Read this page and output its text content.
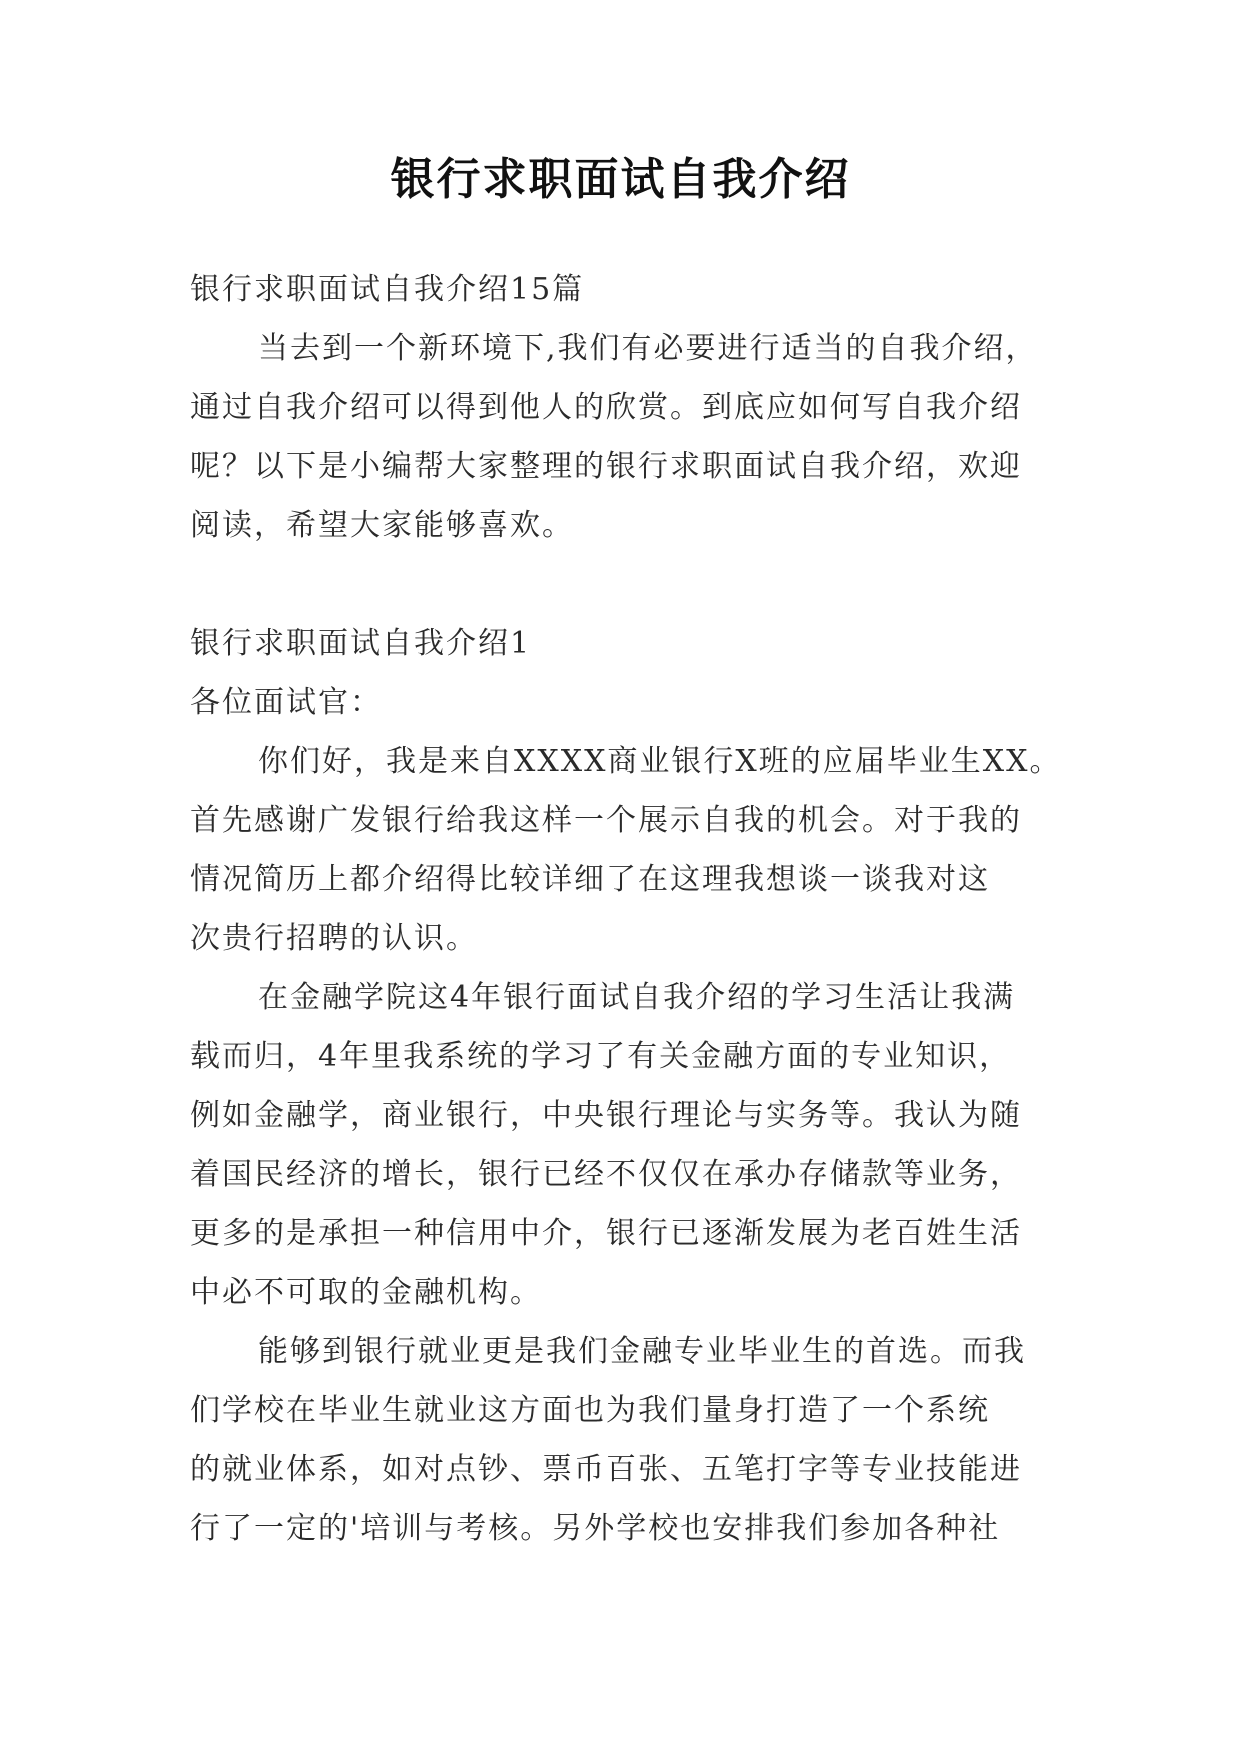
银行求职面试自我介绍
银行求职面试自我介绍15篇
当去到一个新环境下,我们有必要进行适当的自我介绍，
通过自我介绍可以得到他人的欣赏。到底应如何写自我介绍
呢？以下是小编帮大家整理的银行求职面试自我介绍，欢迎
阅读，希望大家能够喜欢。
银行求职面试自我介绍1
各位面试官：
你们好，我是来自XXXX商业银行X班的应届毕业生XX。
首先感谢广发银行给我这样一个展示自我的机会。对于我的
情况简历上都介绍得比较详细了在这理我想谈一谈我对这
次贵行招聘的认识。
在金融学院这4年银行面试自我介绍的学习生活让我满
载而归，4年里我系统的学习了有关金融方面的专业知识，
例如金融学，商业银行，中央银行理论与实务等。我认为随
着国民经济的增长，银行已经不仅仅在承办存储款等业务，
更多的是承担一种信用中介，银行已逐渐发展为老百姓生活
中必不可取的金融机构。
能够到银行就业更是我们金融专业毕业生的首选。而我
们学校在毕业生就业这方面也为我们量身打造了一个系统
的就业体系，如对点钞、票币百张、五笔打字等专业技能进
行了一定的'培训与考核。另外学校也安排我们参加各种社
